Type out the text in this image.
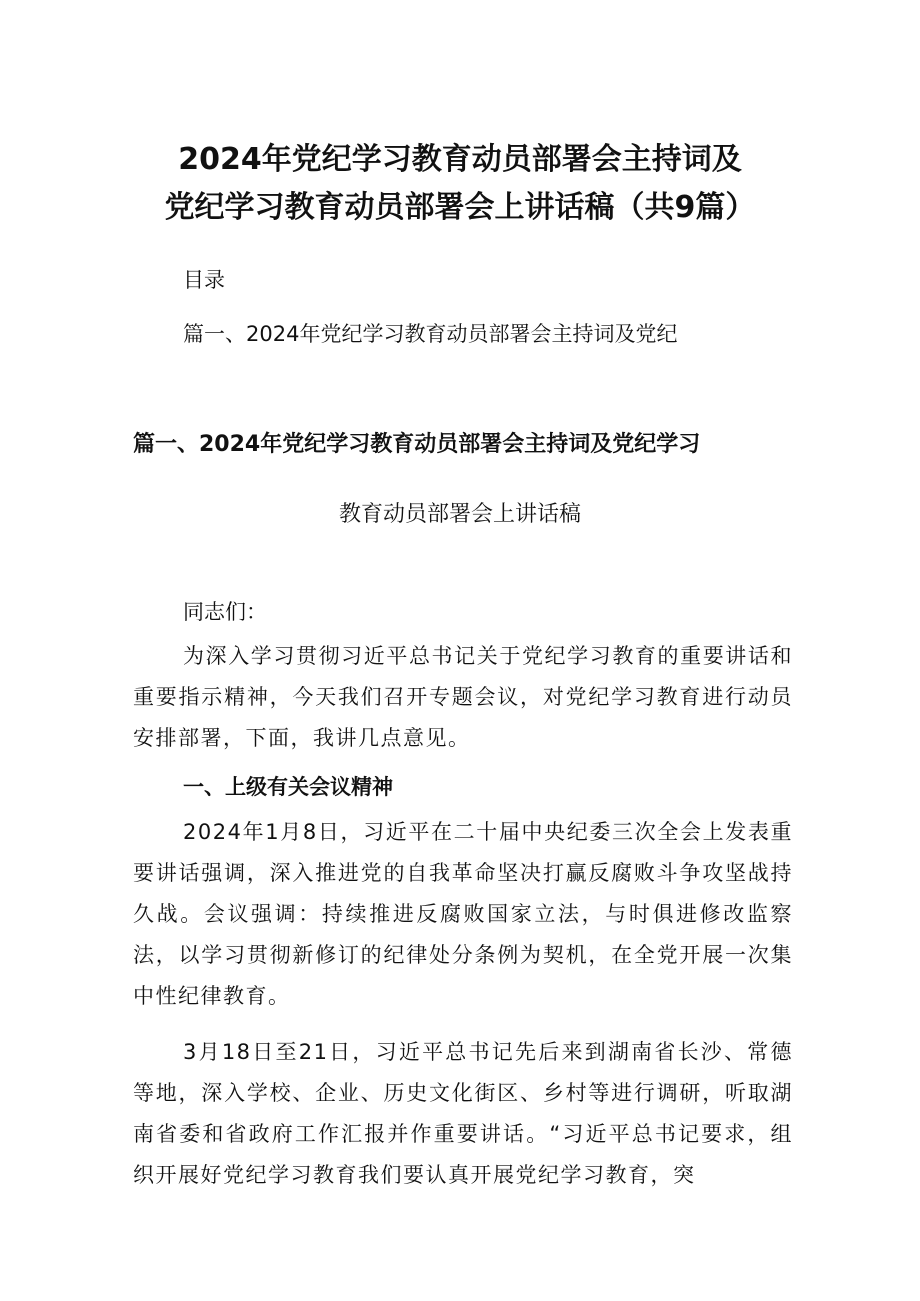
2024年党纪学习教育动员部署会主持词及
党纪学习教育动员部署会上讲话稿（共9篇）
目录
篇一、2024年党纪学习教育动员部署会主持词及党纪
篇一、2024年党纪学习教育动员部署会主持词及党纪学习
教育动员部署会上讲话稿
同志们：

为深入学习贯彻习近平总书记关于党纪学习教育的重要讲话和重要指示精神，今天我们召开专题会议，对党纪学习教育进行动员安排部署，下面，我讲几点意见。

一、上级有关会议精神

2024年1月8日，习近平在二十届中央纪委三次全会上发表重要讲话强调，深入推进党的自我革命坚决打赢反腐败斗争攻坚战持久战。会议强调：持续推进反腐败国家立法，与时俱进修改监察法，以学习贯彻新修订的纪律处分条例为契机，在全党开展一次集中性纪律教育。

3月18日至21日，习近平总书记先后来到湖南省长沙、常德等地，深入学校、企业、历史文化街区、乡村等进行调研，听取湖南省委和省政府工作汇报并作重要讲话。“习近平总书记要求，组织开展好党纪学习教育我们要认真开展党纪学习教育，突
